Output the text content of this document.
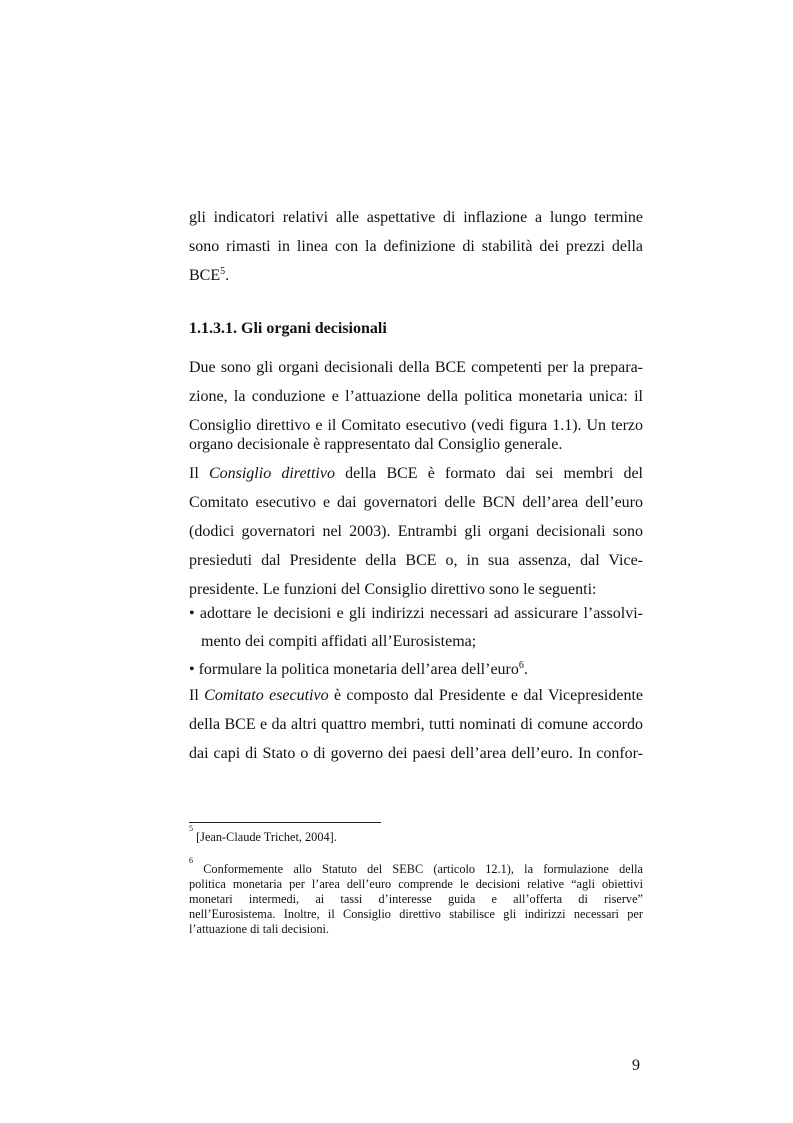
gli indicatori relativi alle aspettative di inflazione a lungo termine
sono rimasti in linea con la definizione di stabilità dei prezzi della
BCE$^5$.
1.1.3.1. Gli organi decisionali
Due sono gli organi decisionali della BCE competenti per la prepara-
zione, la conduzione e l’attuazione della politica monetaria unica: il
Consiglio direttivo e il Comitato esecutivo (vedi figura 1.1). Un terzo
organo decisionale è rappresentato dal Consiglio generale.
Il Consiglio direttivo della BCE è formato dai sei membri del
Comitato esecutivo e dai governatori delle BCN dell’area dell’euro
(dodici governatori nel 2003). Entrambi gli organi decisionali sono
presieduti dal Presidente della BCE o, in sua assenza, dal Vice-
presidente. Le funzioni del Consiglio direttivo sono le seguenti:
• adottare le decisioni e gli indirizzi necessari ad assicurare l’assolvi-
mento dei compiti affidati all’Eurosistema;
• formulare la politica monetaria dell’area dell’euro$^6$.
Il Comitato esecutivo è composto dal Presidente e dal Vicepresidente
della BCE e da altri quattro membri, tutti nominati di comune accordo
dai capi di Stato o di governo dei paesi dell’area dell’euro. In confor-
$^5$ [Jean-Claude Trichet, 2004].
$^6$ Conformemente allo Statuto del SEBC (articolo 12.1), la formulazione della
politica monetaria per l’area dell’euro comprende le decisioni relative “agli obiettivi
monetari intermedi, ai tassi d’interesse guida e all’offerta di riserve”
nell’Eurosistema. Inoltre, il Consiglio direttivo stabilisce gli indirizzi necessari per
l’attuazione di tali decisioni.
9
